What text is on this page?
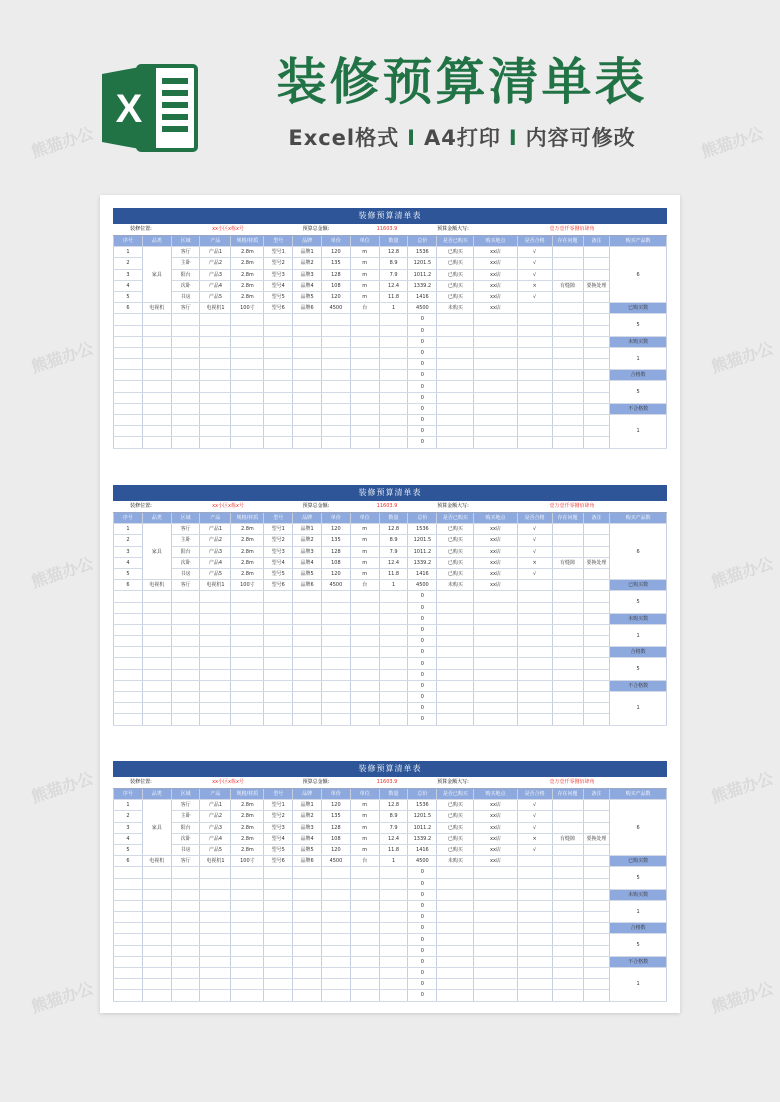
X	装修预算清单表
Excel格式 I A4打印 I 内容可修改
装修预算清单表
装修位置:	xx小区x栋x号	预算总金额:	11603.9	预算金额大写:	壹万壹仟零捌佰肆角
序号	品类	区域	产品	规格/材质	型号	品牌	单价	单位	数量	总价	是否已购买	购买地点	是否合格	存在问题	备注	购买产品数
1	家具	客厅	产品1	2.8m	型号1	品牌1	120	m	12.8	1536	已购买	xx店	√			6
2		主卧	产品2	2.8m	型号2	品牌2	135	m	8.9	1201.5	已购买	xx店	√			
3		阳台	产品3	2.8m	型号3	品牌3	128	m	7.9	1011.2	已购买	xx店	√			
4		次卧	产品4	2.8m	型号4	品牌4	108	m	12.4	1339.2	已购买	xx店	×	有缝隙	要换处理	
5		书房	产品5	2.8m	型号5	品牌5	120	m	11.8	1416	已购买	xx店	√			
6	电视机	客厅	电视机1	100寸	型号6	品牌6	4500	台	1	4500	未购买	xx店				已购买数
										0						5
										0						
										0						未购买数
										0						1
										0						
										0						合格数
										0						5
										0						
										0						不合格数
										0						1
										0						
										0						
装修预算清单表
装修位置:	xx小区x栋x号	预算总金额:	11603.9	预算金额大写:	壹万壹仟零捌佰肆角
序号	品类	区域	产品	规格/材质	型号	品牌	单价	单位	数量	总价	是否已购买	购买地点	是否合格	存在问题	备注	购买产品数
1	家具	客厅	产品1	2.8m	型号1	品牌1	120	m	12.8	1536	已购买	xx店	√			6
2		主卧	产品2	2.8m	型号2	品牌2	135	m	8.9	1201.5	已购买	xx店	√			
3		阳台	产品3	2.8m	型号3	品牌3	128	m	7.9	1011.2	已购买	xx店	√			
4		次卧	产品4	2.8m	型号4	品牌4	108	m	12.4	1339.2	已购买	xx店	×	有缝隙	要换处理	
5		书房	产品5	2.8m	型号5	品牌5	120	m	11.8	1416	已购买	xx店	√			
6	电视机	客厅	电视机1	100寸	型号6	品牌6	4500	台	1	4500	未购买	xx店				已购买数
										0						5
										0						
										0						未购买数
										0						1
										0						
										0						合格数
										0						5
										0						
										0						不合格数
										0						1
										0						
										0						
装修预算清单表
装修位置:	xx小区x栋x号	预算总金额:	11603.9	预算金额大写:	壹万壹仟零捌佰肆角
序号	品类	区域	产品	规格/材质	型号	品牌	单价	单位	数量	总价	是否已购买	购买地点	是否合格	存在问题	备注	购买产品数
1	家具	客厅	产品1	2.8m	型号1	品牌1	120	m	12.8	1536	已购买	xx店	√			6
2		主卧	产品2	2.8m	型号2	品牌2	135	m	8.9	1201.5	已购买	xx店	√			
3		阳台	产品3	2.8m	型号3	品牌3	128	m	7.9	1011.2	已购买	xx店	√			
4		次卧	产品4	2.8m	型号4	品牌4	108	m	12.4	1339.2	已购买	xx店	×	有缝隙	要换处理	
5		书房	产品5	2.8m	型号5	品牌5	120	m	11.8	1416	已购买	xx店	√			
6	电视机	客厅	电视机1	100寸	型号6	品牌6	4500	台	1	4500	未购买	xx店				已购买数
										0						5
										0						
										0						未购买数
										0						1
										0						
										0						合格数
										0						5
										0						
										0						不合格数
										0						1
										0						
										0						
熊猫办公	熊猫办公
熊猫办公	熊猫办公
熊猫办公	熊猫办公
熊猫办公	熊猫办公
熊猫办公	熊猫办公
